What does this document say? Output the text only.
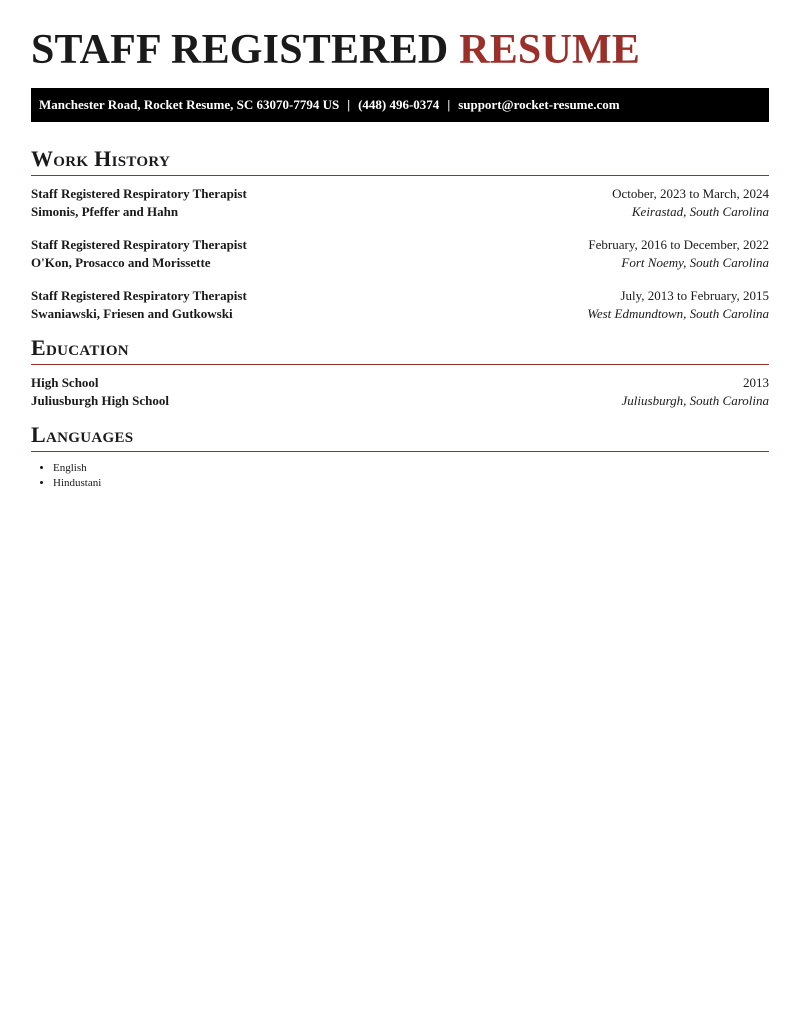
STAFF REGISTERED RESUME
Manchester Road, Rocket Resume, SC 63070-7794 US | (448) 496-0374 | support@rocket-resume.com
Work History
Staff Registered Respiratory Therapist	October, 2023 to March, 2024
Simonis, Pfeffer and Hahn	Keirastad, South Carolina
Staff Registered Respiratory Therapist	February, 2016 to December, 2022
O'Kon, Prosacco and Morissette	Fort Noemy, South Carolina
Staff Registered Respiratory Therapist	July, 2013 to February, 2015
Swaniawski, Friesen and Gutkowski	West Edmundtown, South Carolina
Education
High School	2013
Juliusburgh High School	Juliusburgh, South Carolina
Languages
• English
• Hindustani
